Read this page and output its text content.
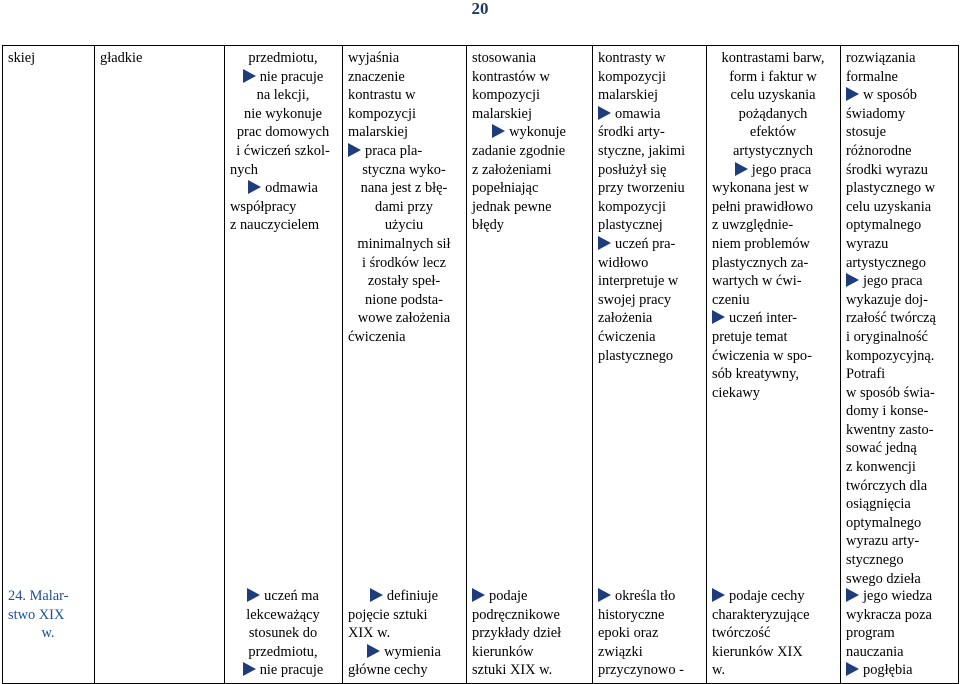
20
skiej	gładkie	przedmiotu,
nie pracuje
na lekcji,
nie wykonuje
prac domowych
i ćwiczeń szkol-
nych
odmawia
współpracy
z nauczycielem
wyjaśnia
znaczenie
kontrastu w
kompozycji
malarskiej
praca pla-
styczna wyko-
nana jest z błę-
dami przy
użyciu
minimalnych sił
i środków lecz
zostały speł-
nione podsta-
wowe założenia
ćwiczenia
stosowania
kontrastów w
kompozycji
malarskiej
wykonuje
zadanie zgodnie
z założeniami
popełniając
jednak pewne
błędy
kontrasty w
kompozycji
malarskiej
omawia
środki arty-
styczne, jakimi
posłużył się
przy tworzeniu
kompozycji
plastycznej
uczeń pra-
widłowo
interpretuje w
swojej pracy
założenia
ćwiczenia
plastycznego
kontrastami barw,
form i faktur w
celu uzyskania
pożądanych
efektów
artystycznych
jego praca
wykonana jest w
pełni prawidłowo
z uwzględnie-
niem problemów
plastycznych za-
wartych w ćwi-
czeniu
uczeń inter-
pretuje temat
ćwiczenia w spo-
sób kreatywny,
ciekawy
rozwiązania
formalne
w sposób
świadomy
stosuje
różnorodne
środki wyrazu
plastycznego w
celu uzyskania
optymalnego
wyrazu
artystycznego
jego praca
wykazuje doj-
rzałość twórczą
i oryginalność
kompozycyjną.
Potrafi
w sposób świa-
domy i konse-
kwentny zasto-
sować jedną
z konwencji
twórczych dla
osiągnięcia
optymalnego
wyrazu arty-
stycznego
swego dzieła
24. Malar-
stwo XIX
w.
uczeń ma
lekceważący
stosunek do
przedmiotu,
nie pracuje
definiuje
pojęcie sztuki
XIX w.
wymienia
główne cechy
podaje
podręcznikowe
przykłady dzieł
kierunków
sztuki XIX w.
określa tło
historyczne
epoki oraz
związki
przyczynowo -
podaje cechy
charakteryzujące
twórczość
kierunków XIX
w.
jego wiedza
wykracza poza
program
nauczania
pogłębia
